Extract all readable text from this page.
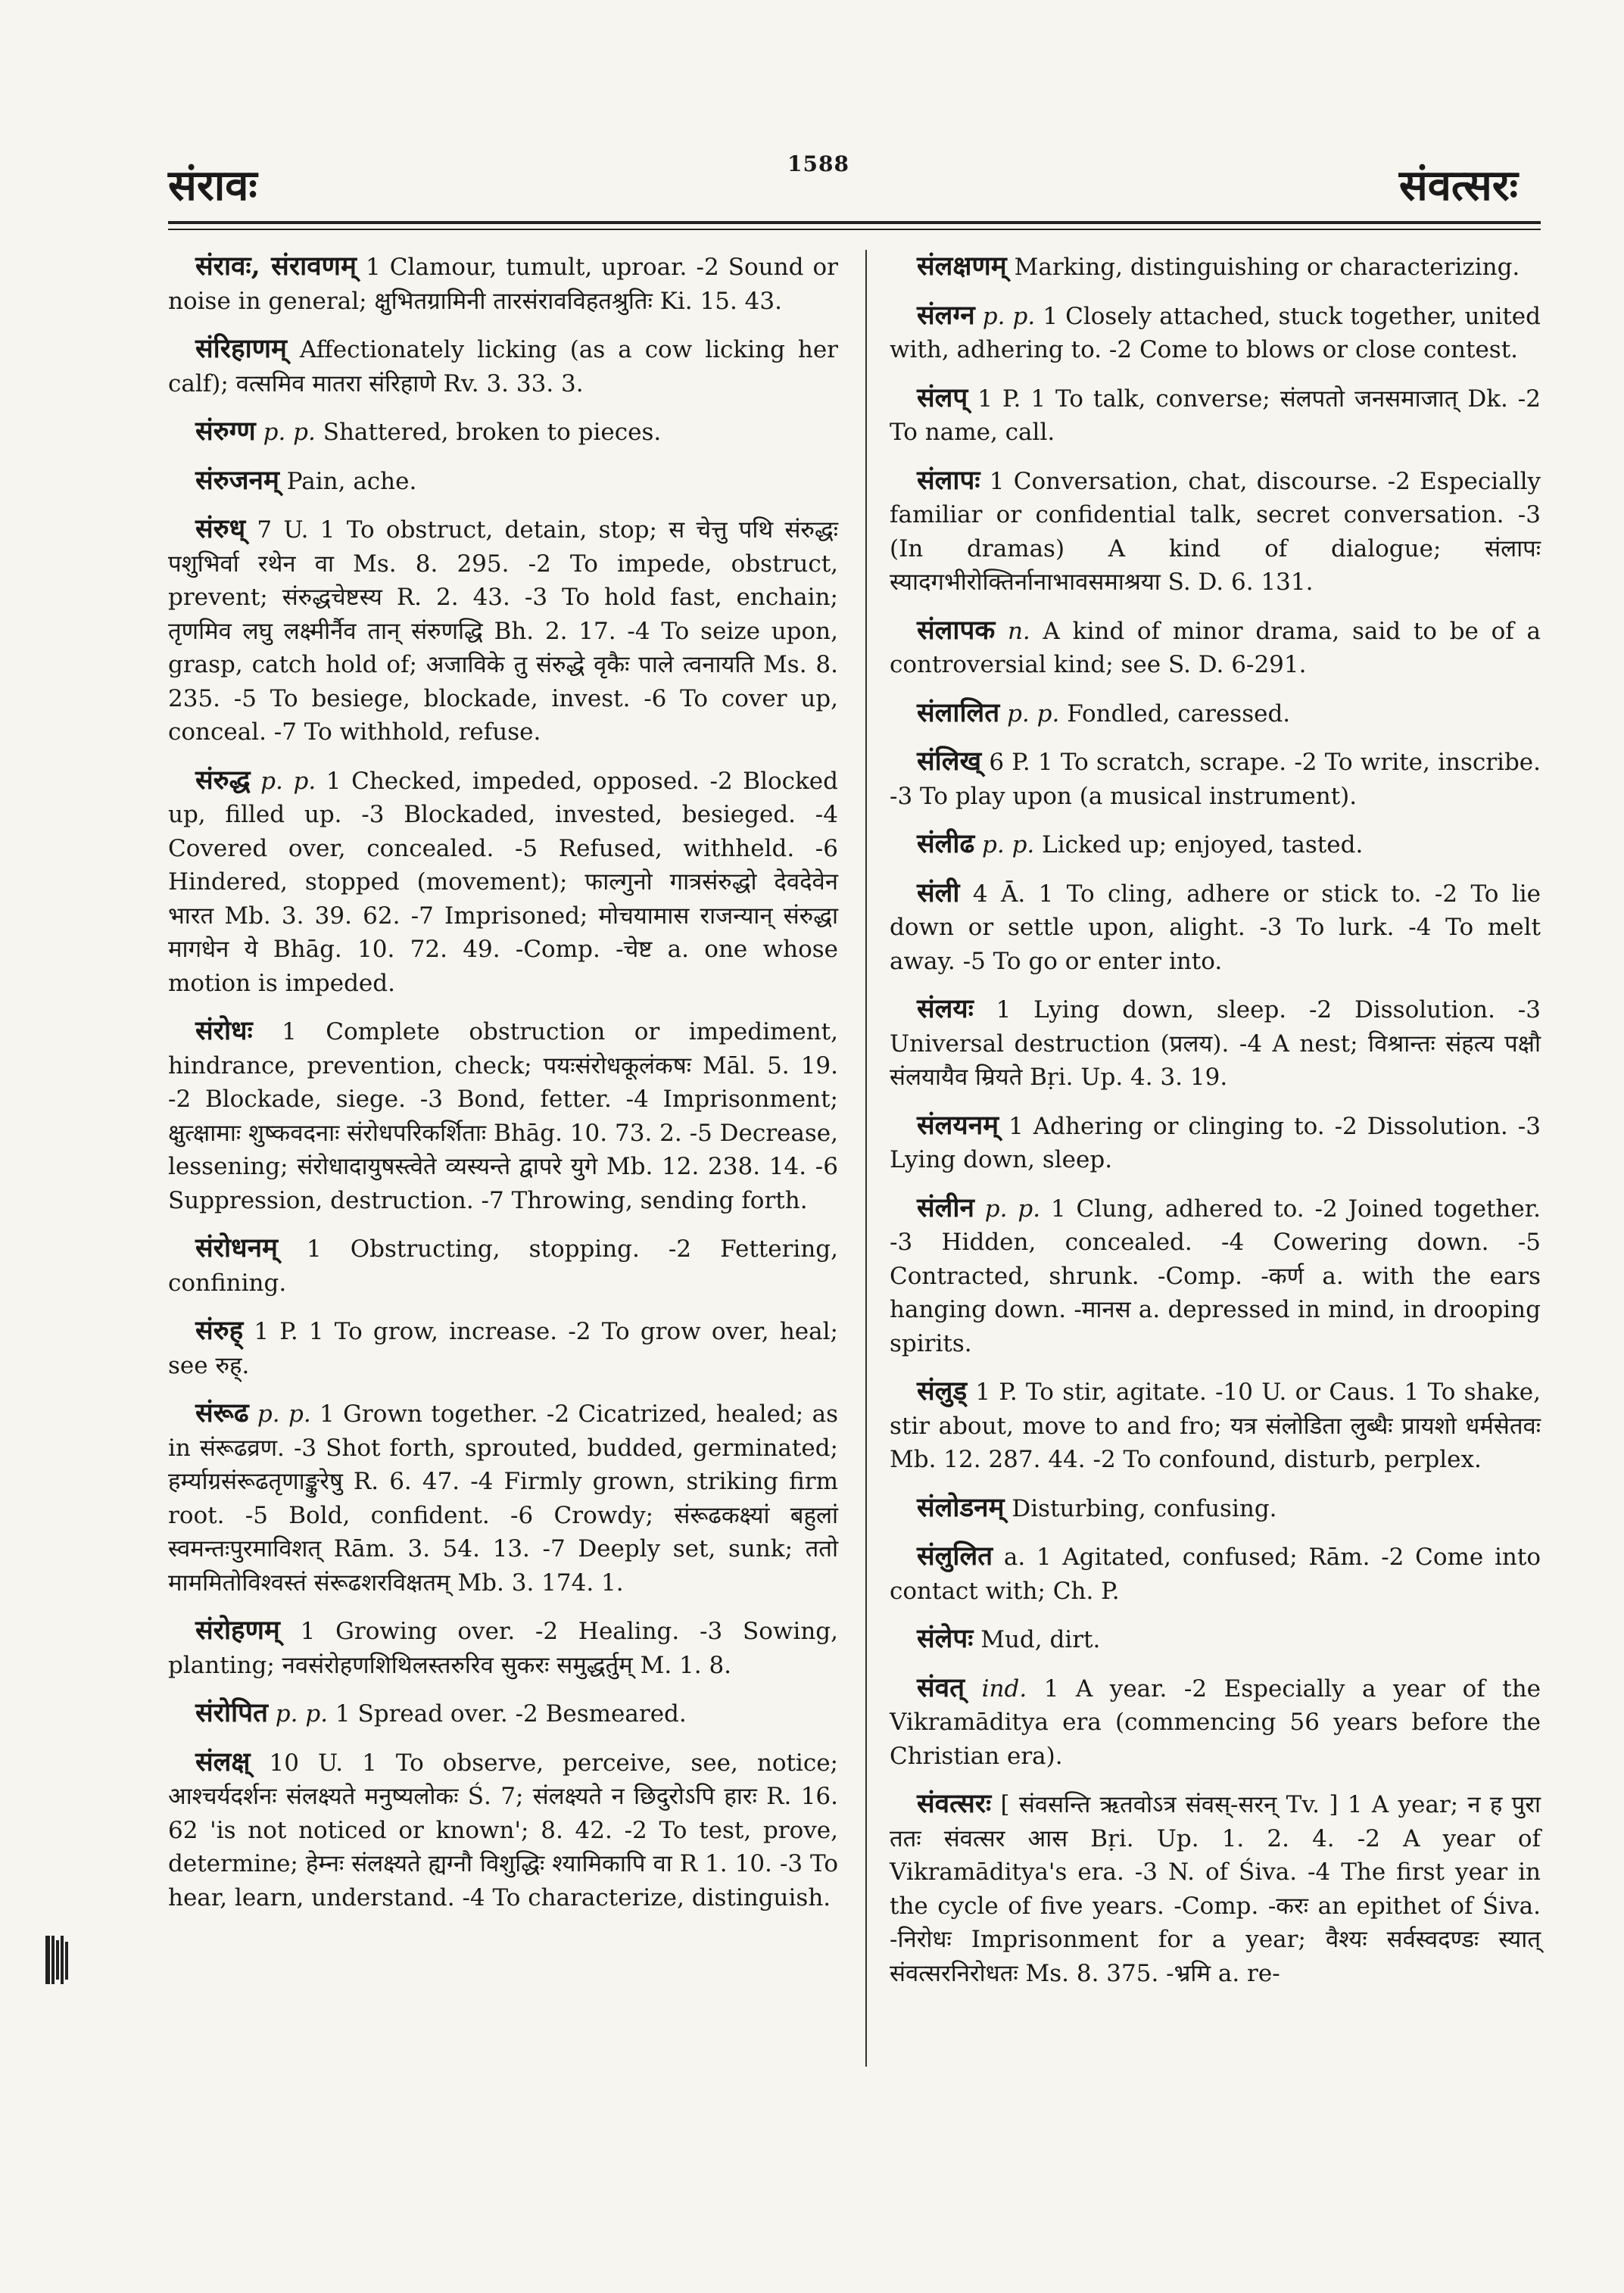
संरावः	1588	संवत्सरः

संरावः, संरावणम् 1 Clamour, tumult, uproar. -2 Sound or noise in general; क्षुभितग्रामिनी तारसंरावविहतश्रुतिः Ki. 15. 43.

संरिहाणम् Affectionately licking (as a cow licking her calf); वत्समिव मातरा संरिहाणे Rv. 3. 33. 3.

संरुग्ण p. p. Shattered, broken to pieces.

संरुजनम् Pain, ache.

संरुध् 7 U. 1 To obstruct, detain, stop; स चेत्तु पथि संरुद्धः पशुभिर्वा रथेन वा Ms. 8. 295. -2 To impede, obstruct, prevent; संरुद्धचेष्टस्य R. 2. 43. -3 To hold fast, enchain; तृणमिव लघु लक्ष्मीर्नैव तान् संरुणद्धि Bh. 2. 17. -4 To seize upon, grasp, catch hold of; अजाविके तु संरुद्धे वृकैः पाले त्वनायति Ms. 8. 235. -5 To besiege, blockade, invest. -6 To cover up, conceal. -7 To withhold, refuse.

संरुद्ध p. p. 1 Checked, impeded, opposed. -2 Blocked up, filled up. -3 Blockaded, invested, besieged. -4 Covered over, concealed. -5 Refused, withheld. -6 Hindered, stopped (movement); फाल्गुनो गात्रसंरुद्धो देवदेवेन भारत Mb. 3. 39. 62. -7 Imprisoned; मोचयामास राजन्यान् संरुद्धा मागधेन ये Bhāg. 10. 72. 49. -Comp. -चेष्ट a. one whose motion is impeded.

संरोधः 1 Complete obstruction or impediment, hindrance, prevention, check; पयःसंरोधकूलंकषः Māl. 5. 19. -2 Blockade, siege. -3 Bond, fetter. -4 Imprisonment; क्षुत्क्षामाः शुष्कवदनाः संरोधपरिकर्शिताः Bhāg. 10. 73. 2. -5 Decrease, lessening; संरोधादायुषस्त्वेते व्यस्यन्ते द्वापरे युगे Mb. 12. 238. 14. -6 Suppression, destruction. -7 Throwing, sending forth.

संरोधनम् 1 Obstructing, stopping. -2 Fettering, confining.

संरुह् 1 P. 1 To grow, increase. -2 To grow over, heal; see रुह्.

संरूढ p. p. 1 Grown together. -2 Cicatrized, healed; as in संरूढव्रण. -3 Shot forth, sprouted, budded, germinated; हर्म्याग्रसंरूढतृणाङ्कुरेषु R. 6. 47. -4 Firmly grown, striking firm root. -5 Bold, confident. -6 Crowdy; संरूढकक्ष्यां बहुलां स्वमन्तःपुरमाविशत् Rām. 3. 54. 13. -7 Deeply set, sunk; ततो माममितोविश्वस्तं संरूढशरविक्षतम् Mb. 3. 174. 1.

संरोहणम् 1 Growing over. -2 Healing. -3 Sowing, planting; नवसंरोहणशिथिलस्तरुरिव सुकरः समुद्धर्तुम् M. 1. 8.

संरोपित p. p. 1 Spread over. -2 Besmeared.

संलक्ष् 10 U. 1 To observe, perceive, see, notice; आश्चर्यदर्शनः संलक्ष्यते मनुष्यलोकः Ś. 7; संलक्ष्यते न छिदुरोऽपि हारः R. 16. 62 'is not noticed or known'; 8. 42. -2 To test, prove, determine; हेम्नः संलक्ष्यते ह्यग्नौ विशुद्धिः श्यामिकापि वा R 1. 10. -3 To hear, learn, understand. -4 To characterize, distinguish.

संलक्षणम् Marking, distinguishing or characterizing.

संलग्न p. p. 1 Closely attached, stuck together, united with, adhering to. -2 Come to blows or close contest.

संलप् 1 P. 1 To talk, converse; संलपतो जनसमाजात् Dk. -2 To name, call.

संलापः 1 Conversation, chat, discourse. -2 Especially familiar or confidential talk, secret conversation. -3 (In dramas) A kind of dialogue; संलापः स्यादगभीरोक्तिर्नानाभावसमाश्रया S. D. 6. 131.

संलापक n. A kind of minor drama, said to be of a controversial kind; see S. D. 6-291.

संलालित p. p. Fondled, caressed.

संलिख् 6 P. 1 To scratch, scrape. -2 To write, inscribe. -3 To play upon (a musical instrument).

संलीढ p. p. Licked up; enjoyed, tasted.

संली 4 Ā. 1 To cling, adhere or stick to. -2 To lie down or settle upon, alight. -3 To lurk. -4 To melt away. -5 To go or enter into.

संलयः 1 Lying down, sleep. -2 Dissolution. -3 Universal destruction (प्रलय). -4 A nest; विश्रान्तः संहत्य पक्षौ संलयायैव म्रियते Bṛi. Up. 4. 3. 19.

संलयनम् 1 Adhering or clinging to. -2 Dissolution. -3 Lying down, sleep.

संलीन p. p. 1 Clung, adhered to. -2 Joined together. -3 Hidden, concealed. -4 Cowering down. -5 Contracted, shrunk. -Comp. -कर्ण a. with the ears hanging down. -मानस a. depressed in mind, in drooping spirits.

संलुड् 1 P. To stir, agitate. -10 U. or Caus. 1 To shake, stir about, move to and fro; यत्र संलोडिता लुब्धैः प्रायशो धर्मसेतवः Mb. 12. 287. 44. -2 To confound, disturb, perplex.

संलोडनम् Disturbing, confusing.

संलुलित a. 1 Agitated, confused; Rām. -2 Come into contact with; Ch. P.

संलेपः Mud, dirt.

संवत् ind. 1 A year. -2 Especially a year of the Vikramāditya era (commencing 56 years before the Christian era).

संवत्सरः [ संवसन्ति ऋतवोऽत्र संवस्-सरन् Tv. ] 1 A year; न ह पुरा ततः संवत्सर आस Bṛi. Up. 1. 2. 4. -2 A year of Vikramāditya's era. -3 N. of Śiva. -4 The first year in the cycle of five years. -Comp. -करः an epithet of Śiva. -निरोधः Imprisonment for a year; वैश्यः सर्वस्वदण्डः स्यात् संवत्सरनिरोधतः Ms. 8. 375. -भ्रमि a. re-
